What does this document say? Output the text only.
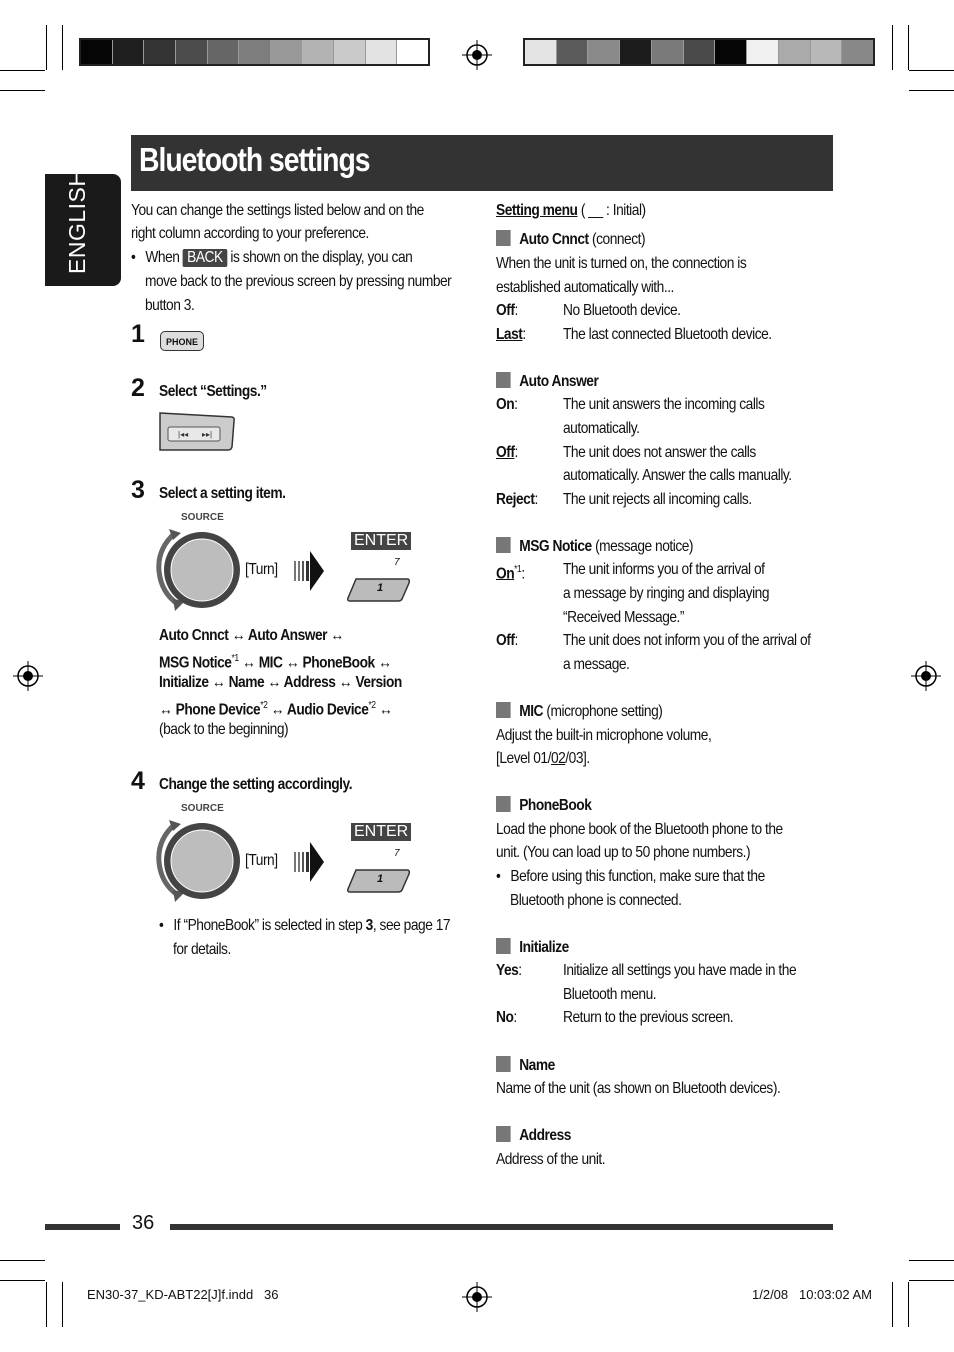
Bluetooth settings
ENGLISH	You can change the settings listed below and on the
right column according to your preference.
•   When BACK is shown on the display, you can
move back to the previous screen by pressing number
button 3.
1	PHONE
2 Select “Settings.”
|◂◂ ▸▸|
3 Select a setting item.
SOURCE
[Turn]
ENTER
7
1
Auto Cnnct ↔ Auto Answer ↔
MSG Notice$^{*1}$ ↔ MIC ↔ PhoneBook ↔
Initialize ↔ Name ↔ Address ↔ Version
↔ Phone Device$^{*2}$ ↔ Audio Device$^{*2}$ ↔
(back to the beginning)
4 Change the setting accordingly.
SOURCE
[Turn]
ENTER
7
1
•   If “PhoneBook” is selected in step 3, see page 17
for details.
Setting menu ( __ : Initial)
Auto Cnnct (connect)
When the unit is turned on, the connection is
established automatically with...
Off:	No Bluetooth device.
Last: The last connected Bluetooth device.
Auto Answer
On:	The unit answers the incoming calls
automatically.
Off:	The unit does not answer the calls
automatically. Answer the calls manually.
Reject: The unit rejects all incoming calls.
MSG Notice (message notice)
On$^{*1}$: The unit informs you of the arrival of
a message by ringing and displaying
“Received Message.”
Off:	The unit does not inform you of the arrival of
a message.
MIC (microphone setting)
Adjust the built-in microphone volume,
[Level 01/02/03].
PhoneBook
Load the phone book of the Bluetooth phone to the
unit. (You can load up to 50 phone numbers.)
•   Before using this function, make sure that the
Bluetooth phone is connected.
Initialize
Yes:	Initialize all settings you have made in the
Bluetooth menu.
No:	Return to the previous screen.
Name
Name of the unit (as shown on Bluetooth devices).
Address
Address of the unit.
36
EN30-37_KD-ABT22[J]f.indd   36	1/2/08   10:03:02 AM
